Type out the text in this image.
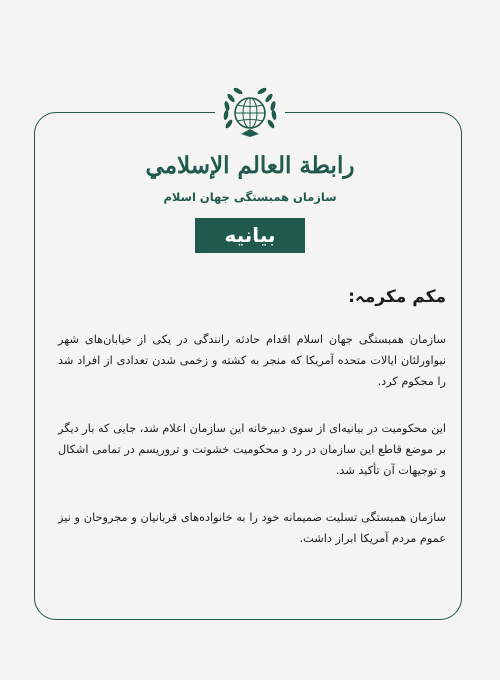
رابطة العالم الإسلامي
سازمان همبستگی جهان اسلام
بیانیه

مکم مکرمہ:

سازمان همبستگی جهان اسلام اقدام حادثه رانندگی در یکی از خیابان‌های شهر نیواورلئان ایالات متحده آمریکا که منجر به کشته و زخمی شدن تعدادی از افراد شد را محکوم کرد.

این محکومیت در بیانیه‌ای از سوی دبیرخانه این سازمان اعلام شد، جایی که بار دیگر بر موضع قاطع این سازمان در رد و محکومیت خشونت و تروریسم در تمامی اشکال و توجیهات آن تأکید شد.

سازمان همبستگی تسلیت صمیمانه خود را به خانواده‌های قربانیان و مجروحان و نیز عموم مردم آمریکا ابراز داشت.
